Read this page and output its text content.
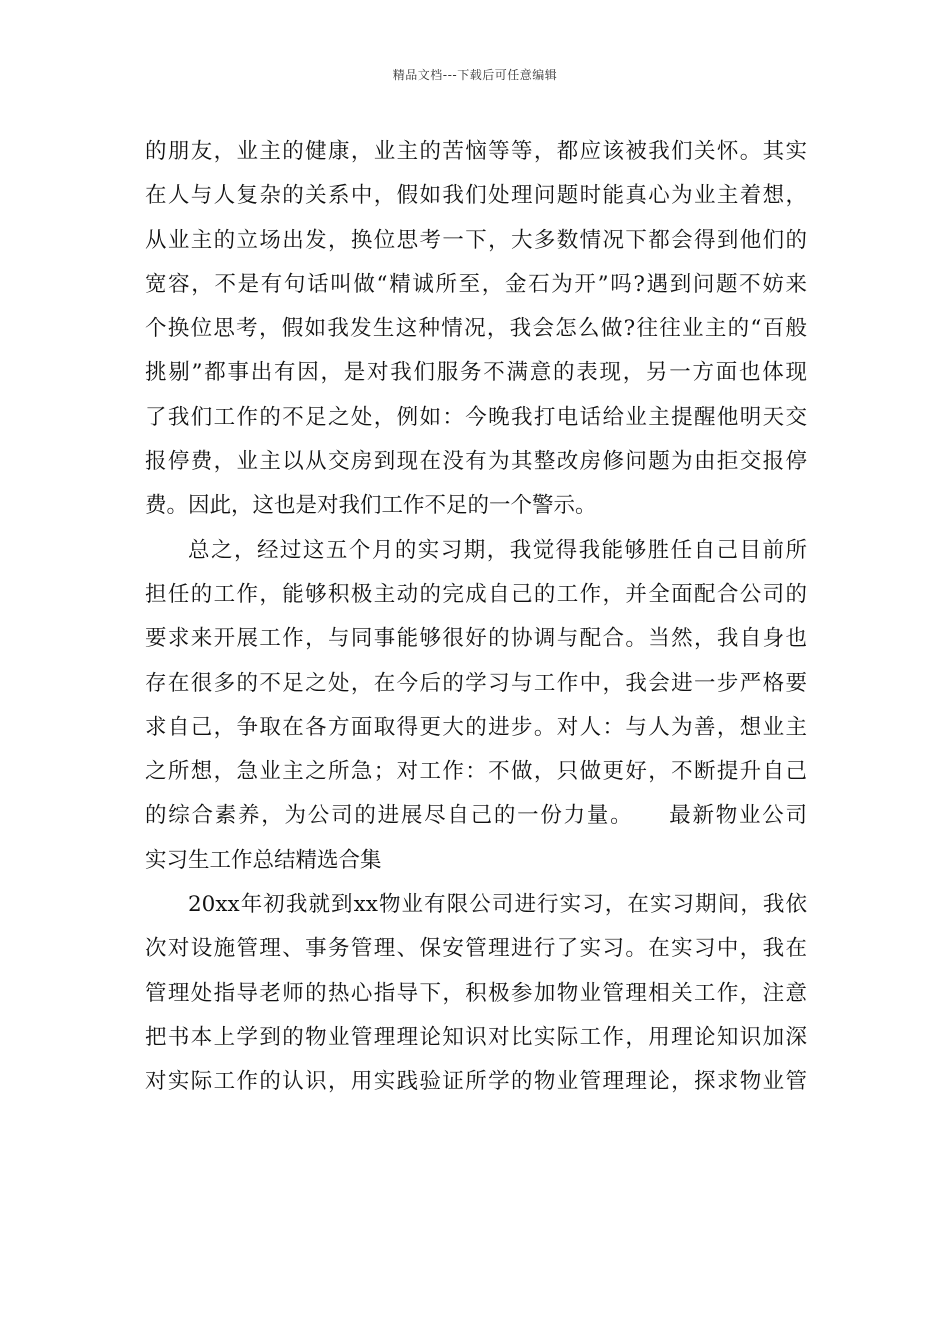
精品文档---下载后可任意编辑
的朋友，业主的健康，业主的苦恼等等，都应该被我们关怀。其实
在人与人复杂的关系中，假如我们处理问题时能真心为业主着想，
从业主的立场出发，换位思考一下，大多数情况下都会得到他们的
宽容，不是有句话叫做“精诚所至，金石为开”吗?遇到问题不妨来
个换位思考，假如我发生这种情况，我会怎么做?往往业主的“百般
挑剔”都事出有因，是对我们服务不满意的表现，另一方面也体现
了我们工作的不足之处，例如：今晚我打电话给业主提醒他明天交
报停费，业主以从交房到现在没有为其整改房修问题为由拒交报停
费。因此，这也是对我们工作不足的一个警示。
总之，经过这五个月的实习期，我觉得我能够胜任自己目前所
担任的工作，能够积极主动的完成自己的工作，并全面配合公司的
要求来开展工作，与同事能够很好的协调与配合。当然，我自身也
存在很多的不足之处，在今后的学习与工作中，我会进一步严格要
求自己，争取在各方面取得更大的进步。对人：与人为善，想业主
之所想，急业主之所急；对工作：不做，只做更好，不断提升自己
的综合素养，为公司的进展尽自己的一份力量。　　最新物业公司
实习生工作总结精选合集
20xx年初我就到xx物业有限公司进行实习，在实习期间，我依
次对设施管理、事务管理、保安管理进行了实习。在实习中，我在
管理处指导老师的热心指导下，积极参加物业管理相关工作，注意
把书本上学到的物业管理理论知识对比实际工作，用理论知识加深
对实际工作的认识，用实践验证所学的物业管理理论，探求物业管
